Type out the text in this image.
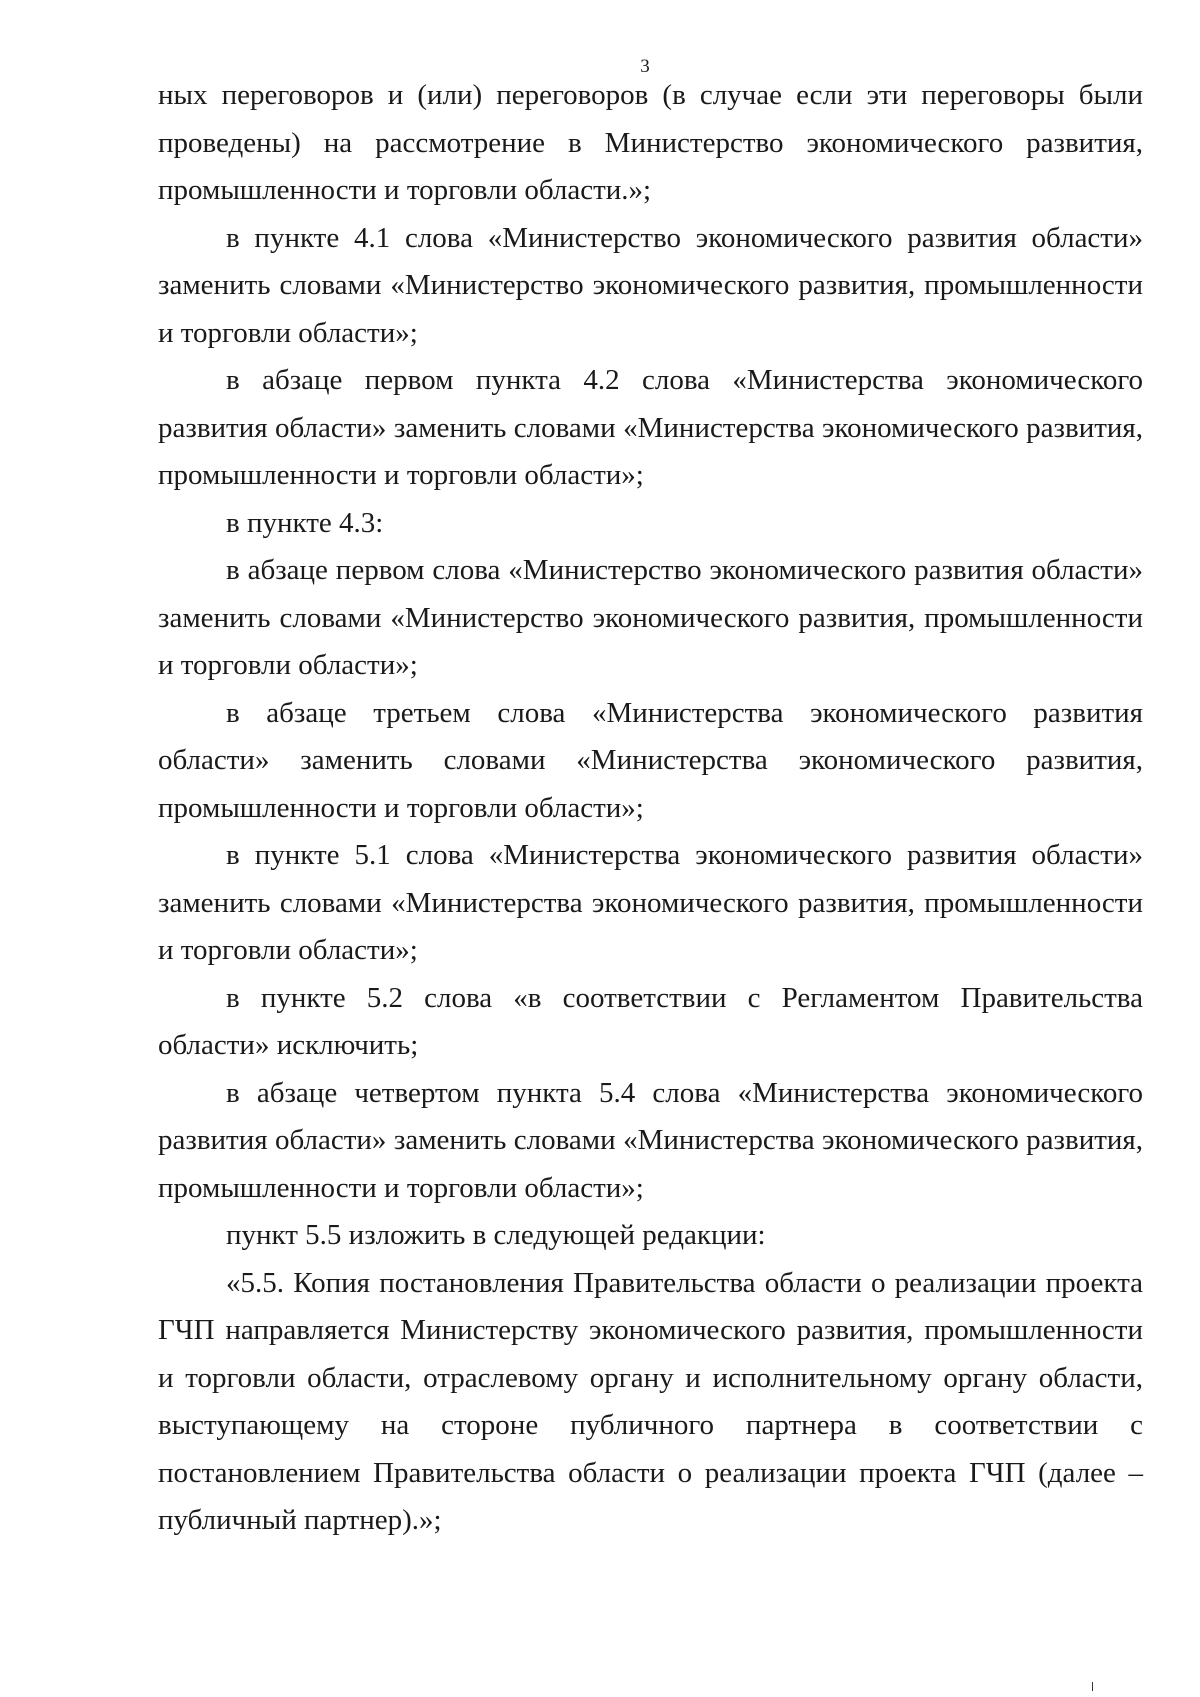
3

ных переговоров и (или) переговоров (в случае если эти переговоры были проведены) на рассмотрение в Министерство экономического развития, промышленности и торговли области.»;

в пункте 4.1 слова «Министерство экономического развития области» заменить словами «Министерство экономического развития, промышленности и торговли области»;

в абзаце первом пункта 4.2 слова «Министерства экономического развития области» заменить словами «Министерства экономического развития, промышленности и торговли области»;

в пункте 4.3:

в абзаце первом слова «Министерство экономического развития области» заменить словами «Министерство экономического развития, промышленности и торговли области»;

в абзаце третьем слова «Министерства экономического развития области» заменить словами «Министерства экономического развития, промышленности и торговли области»;

в пункте 5.1 слова «Министерства экономического развития области» заменить словами «Министерства экономического развития, промышленности и торговли области»;

в пункте 5.2 слова «в соответствии с Регламентом Правительства области» исключить;

в абзаце четвертом пункта 5.4 слова «Министерства экономического развития области» заменить словами «Министерства экономического развития, промышленности и торговли области»;

пункт 5.5 изложить в следующей редакции:

«5.5. Копия постановления Правительства области о реализации проекта ГЧП направляется Министерству экономического развития, промышленности и торговли области, отраслевому органу и исполнительному органу области, выступающему на стороне публичного партнера в соответствии с постановлением Правительства области о реализации проекта ГЧП (далее – публичный партнер).»;
